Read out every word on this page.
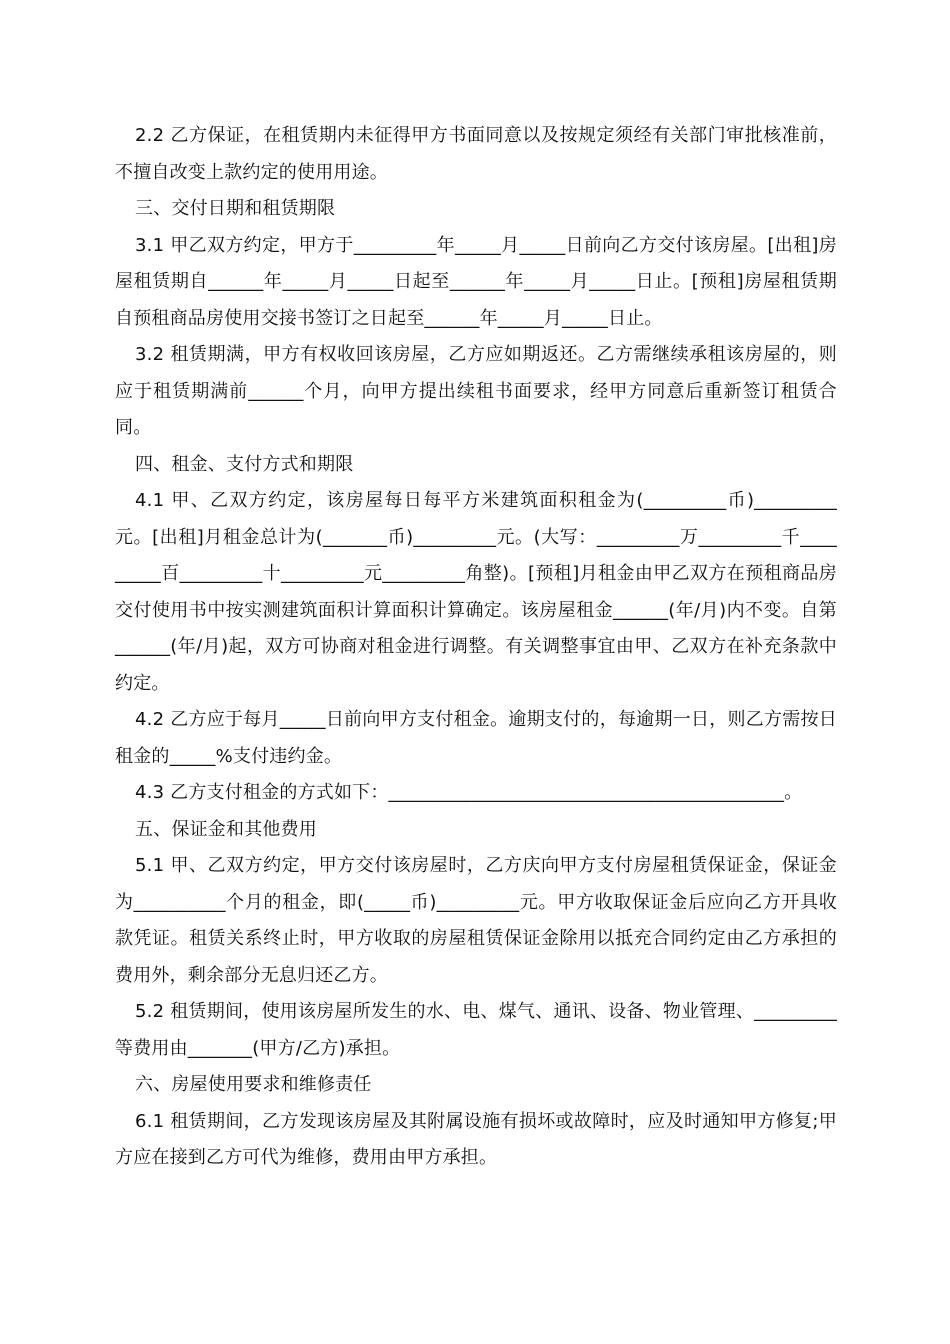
2.2 乙方保证，在租赁期内未征得甲方书面同意以及按规定须经有关部门审批核准前，不擅自改变上款约定的使用用途。

三、交付日期和租赁期限

3.1 甲乙双方约定，甲方于_________年_____月_____日前向乙方交付该房屋。[出租]房屋租赁期自______年_____月_____日起至______年_____月_____日止。[预租]房屋租赁期自预租商品房使用交接书签订之日起至______年_____月_____日止。

3.2 租赁期满，甲方有权收回该房屋，乙方应如期返还。乙方需继续承租该房屋的，则应于租赁期满前______个月，向甲方提出续租书面要求，经甲方同意后重新签订租赁合同。

四、租金、支付方式和期限

4.1 甲、乙双方约定，该房屋每日每平方米建筑面积租金为(_________币)_________元。[出租]月租金总计为(_______币)_________元。(大写：_________万_________千_________百_________十_________元_________角整)。[预租]月租金由甲乙双方在预租商品房交付使用书中按实测建筑面积计算面积计算确定。该房屋租金______(年/月)内不变。自第______(年/月)起，双方可协商对租金进行调整。有关调整事宜由甲、乙双方在补充条款中约定。

4.2 乙方应于每月_____日前向甲方支付租金。逾期支付的，每逾期一日，则乙方需按日租金的_____%支付违约金。

4.3 乙方支付租金的方式如下：___________________________________________。

五、保证金和其他费用

5.1 甲、乙双方约定，甲方交付该房屋时，乙方庆向甲方支付房屋租赁保证金，保证金为__________个月的租金，即(_____币)_________元。甲方收取保证金后应向乙方开具收款凭证。租赁关系终止时，甲方收取的房屋租赁保证金除用以抵充合同约定由乙方承担的费用外，剩余部分无息归还乙方。

5.2 租赁期间，使用该房屋所发生的水、电、煤气、通讯、设备、物业管理、_________等费用由_______(甲方/乙方)承担。

六、房屋使用要求和维修责任

6.1 租赁期间，乙方发现该房屋及其附属设施有损坏或故障时，应及时通知甲方修复;甲方应在接到乙方可代为维修，费用由甲方承担。
